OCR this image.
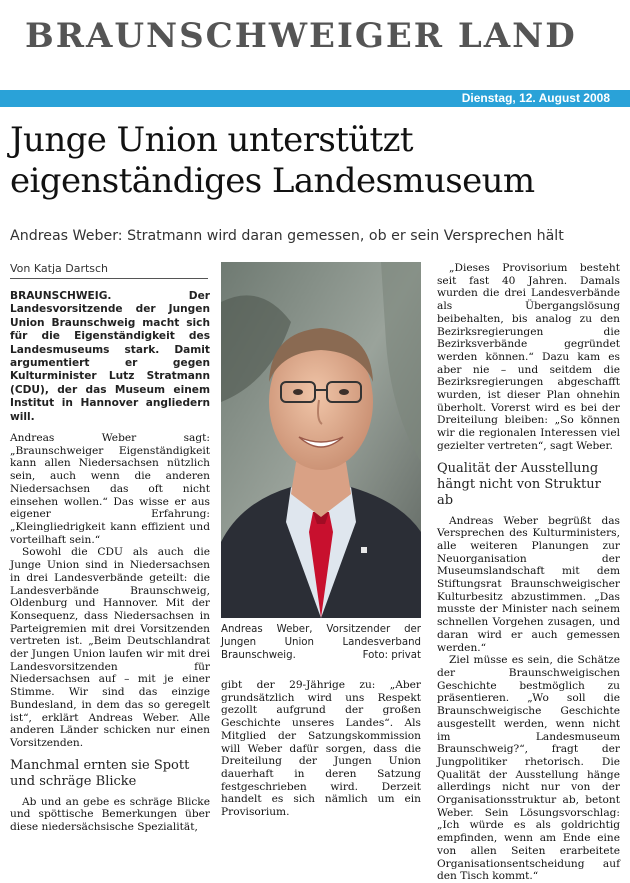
BRAUNSCHWEIGER LAND
Dienstag, 12. August 2008
Junge Union unterstützt eigenständiges Landesmuseum

Andreas Weber: Stratmann wird daran gemessen, ob er sein Versprechen hält

Von Katja Dartsch

BRAUNSCHWEIG. Der Landesvorsitzende der Jungen Union Braunschweig macht sich für die Eigenständigkeit des Landesmuseums stark. Damit argumentiert er gegen Kulturminister Lutz Stratmann (CDU), der das Museum einem Institut in Hannover angliedern will.

Andreas Weber sagt: „Braunschweiger Eigenständigkeit kann allen Niedersachsen nützlich sein, auch wenn die anderen Niedersachsen das oft nicht einsehen wollen.“ Das wisse er aus eigener Erfahrung: „Kleingliedrigkeit kann effizient und vorteilhaft sein.“

Sowohl die CDU als auch die Junge Union sind in Niedersachsen in drei Landesverbände geteilt: die Landesverbände Braunschweig, Oldenburg und Hannover. Mit der Konsequenz, dass Niedersachsen in Parteigremien mit drei Vorsitzenden vertreten ist. „Beim Deutschlandrat der Jungen Union laufen wir mit drei Landesvorsitzenden für Niedersachsen auf – mit je einer Stimme. Wir sind das einzige Bundesland, in dem das so geregelt ist“, erklärt Andreas Weber. Alle anderen Länder schicken nur einen Vorsitzenden.

Manchmal ernten sie Spott und schräge Blicke

Ab und an gebe es schräge Blicke und spöttische Bemerkungen über diese niedersächsische Spezialität,

Andreas Weber, Vorsitzender der Jungen Union Landesverband Braunschweig.	Foto: privat

gibt der 29-Jährige zu: „Aber grundsätzlich wird uns Respekt gezollt aufgrund der großen Geschichte unseres Landes“. Als Mitglied der Satzungskommission will Weber dafür sorgen, dass die Dreiteilung der Jungen Union dauerhaft in deren Satzung festgeschrieben wird. Derzeit handelt es sich nämlich um ein Provisorium.

„Dieses Provisorium besteht seit fast 40 Jahren. Damals wurden die drei Landesverbände als Übergangslösung beibehalten, bis analog zu den Bezirksregierungen die Bezirksverbände gegründet werden können.“ Dazu kam es aber nie – und seitdem die Bezirksregierungen abgeschafft wurden, ist dieser Plan ohnehin überholt. Vorerst wird es bei der Dreiteilung bleiben: „So können wir die regionalen Interessen viel gezielter vertreten“, sagt Weber.

Qualität der Ausstellung hängt nicht von Struktur ab

Andreas Weber begrüßt das Versprechen des Kulturministers, alle weiteren Planungen zur Neuorganisation der Museumslandschaft mit dem Stiftungsrat Braunschweigischer Kulturbesitz abzustimmen. „Das musste der Minister nach seinem schnellen Vorgehen zusagen, und daran wird er auch gemessen werden.“

Ziel müsse es sein, die Schätze der Braunschweigischen Geschichte bestmöglich zu präsentieren. „Wo soll die Braunschweigische Geschichte ausgestellt werden, wenn nicht im Landesmuseum Braunschweig?“, fragt der Jungpolitiker rhetorisch. Die Qualität der Ausstellung hänge allerdings nicht nur von der Organisationsstruktur ab, betont Weber. Sein Lösungsvorschlag: „Ich würde es als goldrichtig empfinden, wenn am Ende eine von allen Seiten erarbeitete Organisationsentscheidung auf den Tisch kommt.“
